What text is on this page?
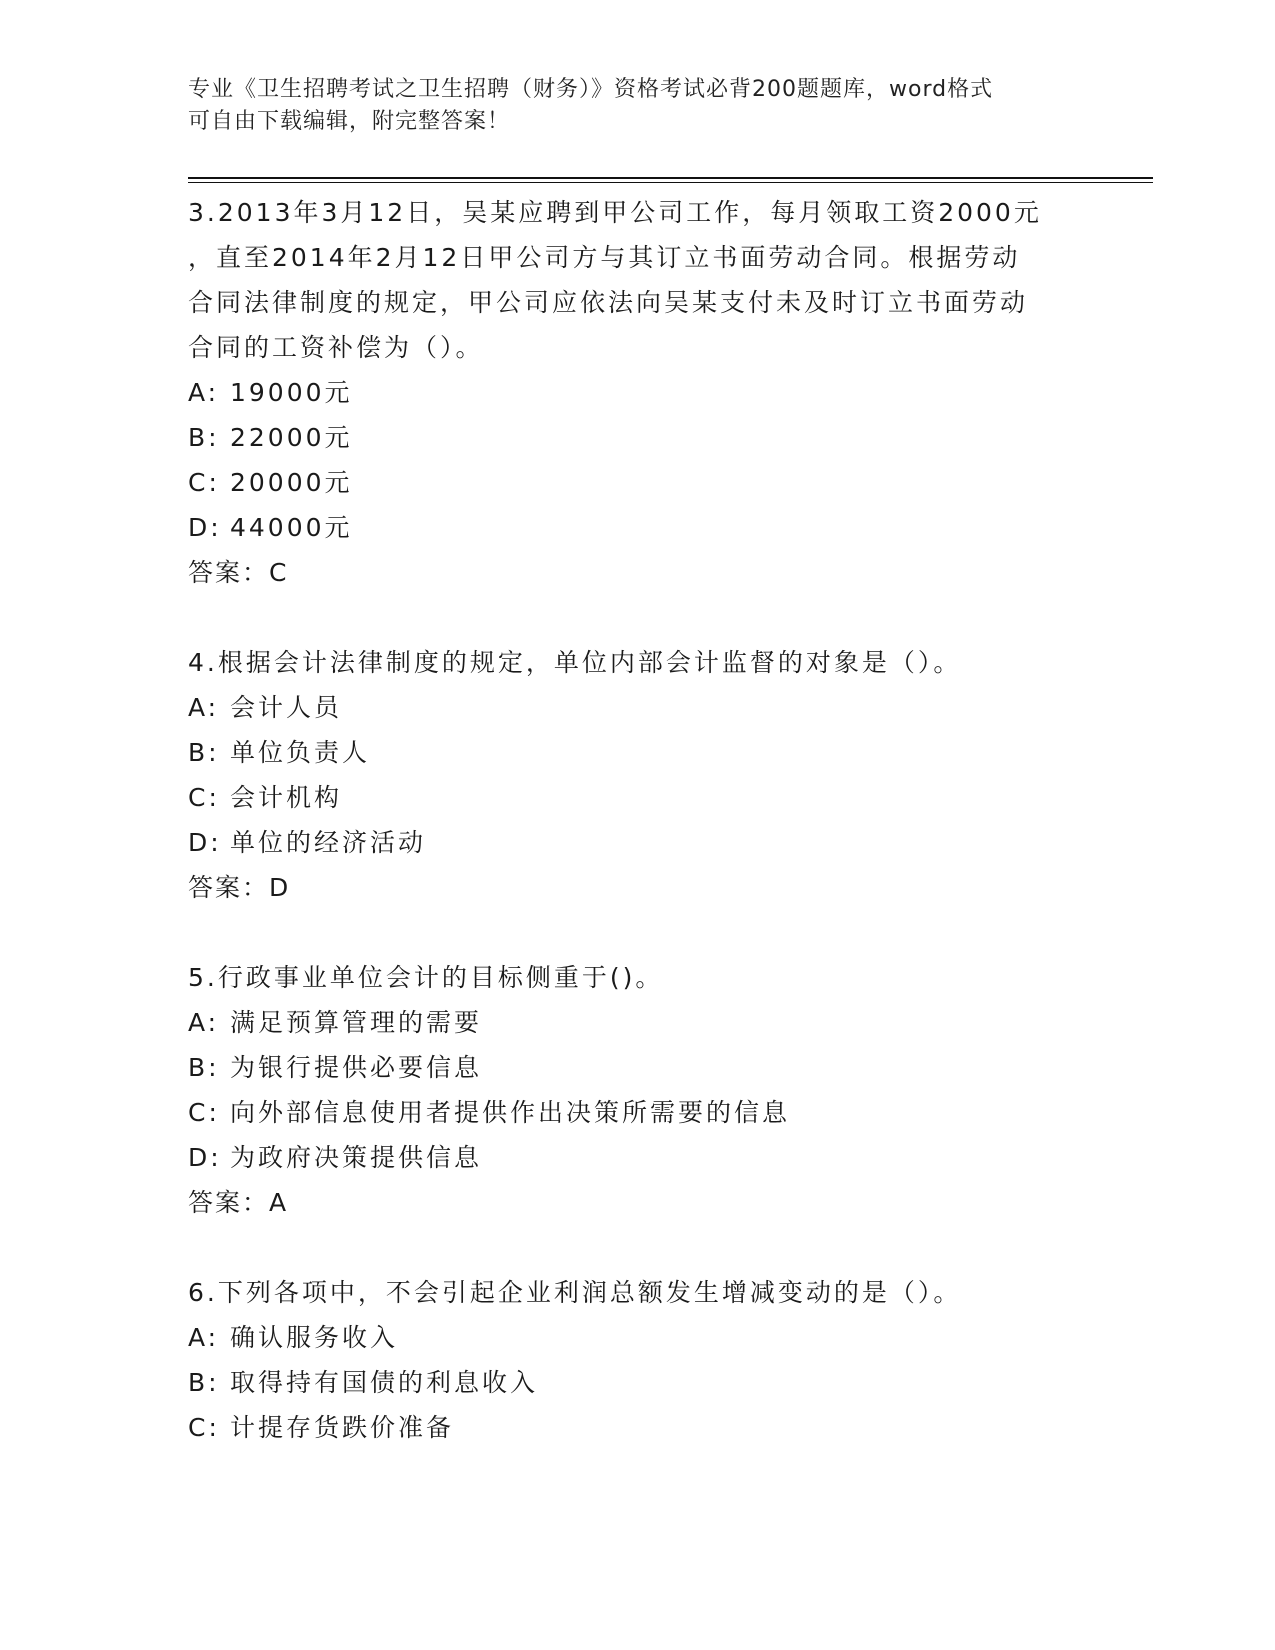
专业《卫生招聘考试之卫生招聘（财务）》资格考试必背200题题库，word格式
可自由下载编辑，附完整答案！
3.2013年3月12日，吴某应聘到甲公司工作，每月领取工资2000元
，直至2014年2月12日甲公司方与其订立书面劳动合同。根据劳动
合同法律制度的规定，甲公司应依法向吴某支付未及时订立书面劳动
合同的工资补偿为（）。
A: 19000元
B: 22000元
C: 20000元
D: 44000元
答案：C
4.根据会计法律制度的规定，单位内部会计监督的对象是（）。
A: 会计人员
B: 单位负责人
C: 会计机构
D: 单位的经济活动
答案：D
5.行政事业单位会计的目标侧重于()。
A: 满足预算管理的需要
B: 为银行提供必要信息
C: 向外部信息使用者提供作出决策所需要的信息
D: 为政府决策提供信息
答案：A
6.下列各项中，不会引起企业利润总额发生增减变动的是（）。
A: 确认服务收入
B: 取得持有国债的利息收入
C: 计提存货跌价准备
